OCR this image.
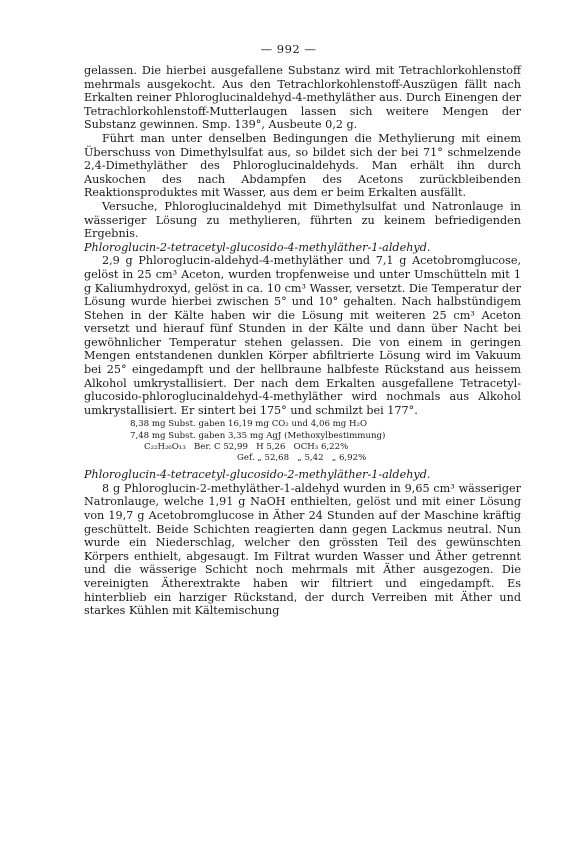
— 992 —

gelassen. Die hierbei ausgefallene Substanz wird mit Tetrachlorkohlenstoff mehrmals ausgekocht. Aus den Tetrachlorkohlenstoff-Auszügen fällt nach Erkalten reiner Phloroglucinaldehyd-4-methyläther aus. Durch Einengen der Tetrachlorkohlenstoff-Mutterlaugen lassen sich weitere Mengen der Substanz gewinnen. Smp. 139°, Ausbeute 0,2 g.

Führt man unter denselben Bedingungen die Methylierung mit einem Überschuss von Dimethylsulfat aus, so bildet sich der bei 71° schmelzende 2,4-Dimethyläther des Phloroglucinaldehyds. Man erhält ihn durch Auskochen des nach Abdampfen des Acetons zurückbleibenden Reaktionsproduktes mit Wasser, aus dem er beim Erkalten ausfällt.

Versuche, Phloroglucinaldehyd mit Dimethylsulfat und Natronlauge in wässeriger Lösung zu methylieren, führten zu keinem befriedigenden Ergebnis.

Phloroglucin-2-tetracetyl-glucosido-4-methyläther-1-aldehyd.

2,9 g Phloroglucin-aldehyd-4-methyläther und 7,1 g Acetobromglucose, gelöst in 25 cm³ Aceton, wurden tropfenweise und unter Umschütteln mit 1 g Kaliumhydroxyd, gelöst in ca. 10 cm³ Wasser, versetzt. Die Temperatur der Lösung wurde hierbei zwischen 5° und 10° gehalten. Nach halbstündigem Stehen in der Kälte haben wir die Lösung mit weiteren 25 cm³ Aceton versetzt und hierauf fünf Stunden in der Kälte und dann über Nacht bei gewöhnlicher Temperatur stehen gelassen. Die von einem in geringen Mengen entstandenen dunklen Körper abfiltrierte Lösung wird im Vakuum bei 25° eingedampft und der hellbraune halbfeste Rückstand aus heissem Alkohol umkrystallisiert. Der nach dem Erkalten ausgefallene Tetracetyl-glucosido-phloroglucinaldehyd-4-methyläther wird nochmals aus Alkohol umkrystallisiert. Er sintert bei 175° und schmilzt bei 177°.

8,38 mg Subst. gaben 16,19 mg CO₂ und 4,06 mg H₂O
7,48 mg Subst. gaben 3,35 mg AgJ (Methoxylbestimmung)
C₂₂H₂₆O₁₃   Ber. C 52,99   H 5,26   OCH₃ 6,22%
Gef. „ 52,68   „ 5,42   „ 6,92%

Phloroglucin-4-tetracetyl-glucosido-2-methyläther-1-aldehyd.

8 g Phloroglucin-2-methyläther-1-aldehyd wurden in 9,65 cm³ wässeriger Natronlauge, welche 1,91 g NaOH enthielten, gelöst und mit einer Lösung von 19,7 g Acetobromglucose in Äther 24 Stunden auf der Maschine kräftig geschüttelt. Beide Schichten reagierten dann gegen Lackmus neutral. Nun wurde ein Niederschlag, welcher den grössten Teil des gewünschten Körpers enthielt, abgesaugt. Im Filtrat wurden Wasser und Äther getrennt und die wässerige Schicht noch mehrmals mit Äther ausgezogen. Die vereinigten Ätherextrakte haben wir filtriert und eingedampft. Es hinterblieb ein harziger Rückstand, der durch Verreiben mit Äther und starkes Kühlen mit Kältemischung
